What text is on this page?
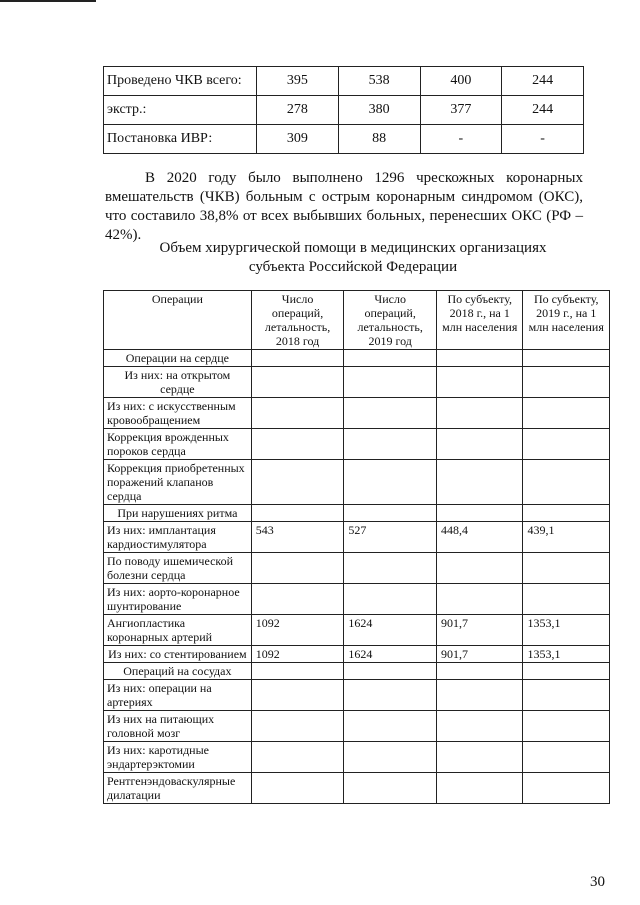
Проведено ЧКВ всего:	395	538	400	244
экстр.:	278	380	377	244
Постановка ИВР:	309	88	-	-
В 2020 году было выполнено 1296 чрескожных коронарных вмешательств (ЧКВ) больным с острым коронарным синдромом (ОКС), что составило 38,8% от всех выбывших больных, перенесших ОКС (РФ – 42%).
Объем хирургической помощи в медицинских организациях субъекта Российской Федерации
Операции	Число операций, летальность, 2018 год	Число операций, летальность, 2019 год	По субъекту, 2018 г., на 1 млн населения	По субъекту, 2019 г., на 1 млн населения
Операции на сердце				
Из них: на открытом сердце				
Из них: с искусственным кровообращением				
Коррекция врожденных пороков сердца				
Коррекция приобретенных поражений клапанов сердца				
При нарушениях ритма				
Из них: имплантация кардиостимулятора	543	527	448,4	439,1
По поводу ишемической болезни сердца				
Из них: аорто-коронарное шунтирование				
Ангиопластика коронарных артерий	1092	1624	901,7	1353,1
Из них: со стентированием	1092	1624	901,7	1353,1
Операций на сосудах				
Из них: операции на артериях				
Из них на питающих головной мозг				
Из них: каротидные эндартерэктомии				
Рентгенэндоваскулярные дилатации				
30
